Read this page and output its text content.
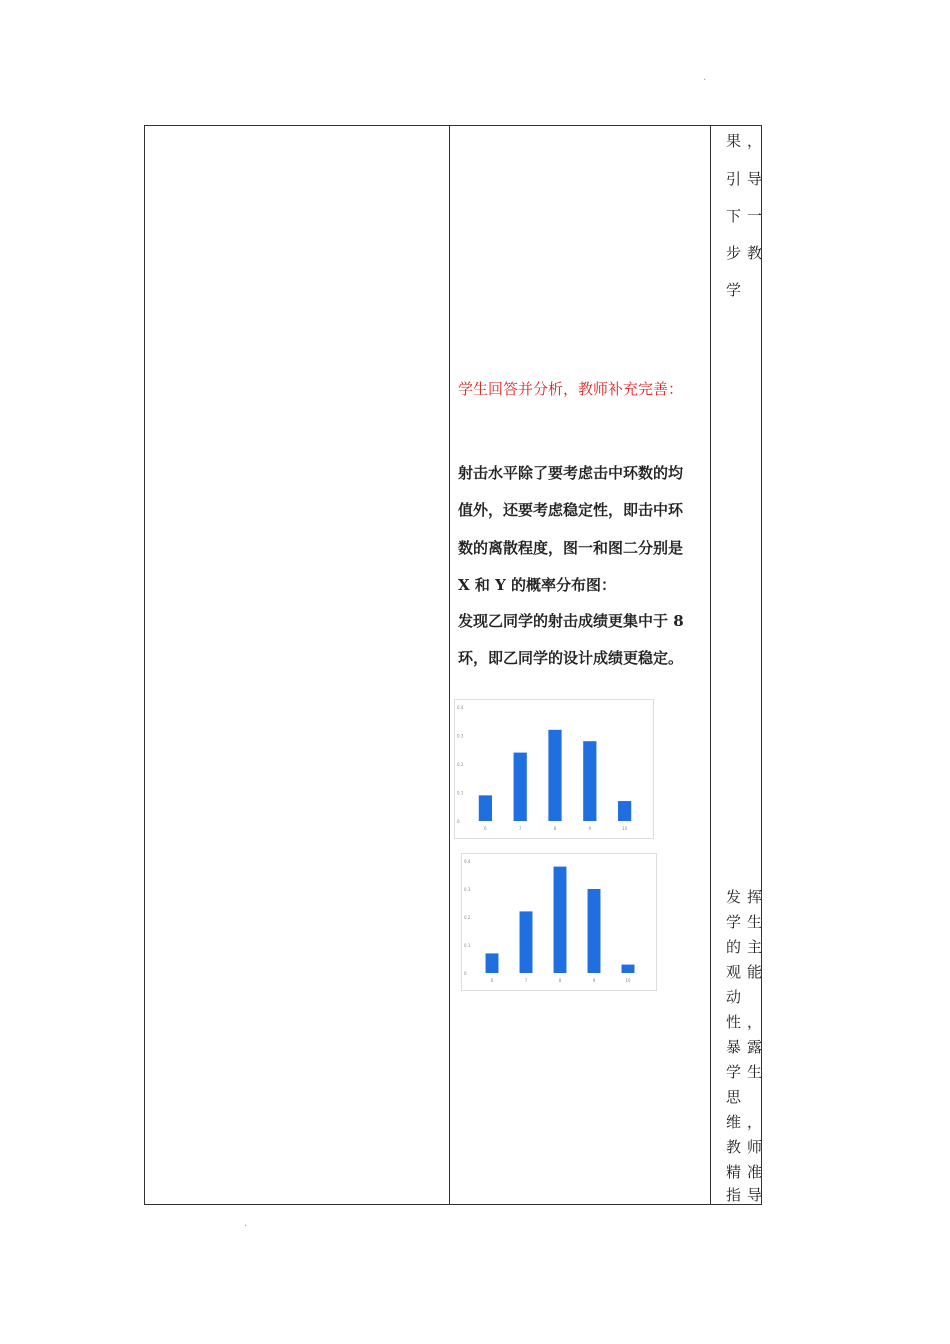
.
.

学生回答并分析，教师补充完善：
射击水平除了要考虑击中环数的均
值外，还要考虑稳定性，即击中环
数的离散程度，图一和图二分别是
X 和 Y 的概率分布图：
发现乙同学的射击成绩更集中于 8
环，即乙同学的设计成绩更稳定。
0
0.1
0.2
0.3
0.4
6	7	8	9	10
0
0.1
0.2
0.3
0.4
6	7	8	9	10
果，
引导
下一
步教
学
发挥
学生
的主
观能
动
性，
暴露
学生
思
维，
教师
精准
指导
